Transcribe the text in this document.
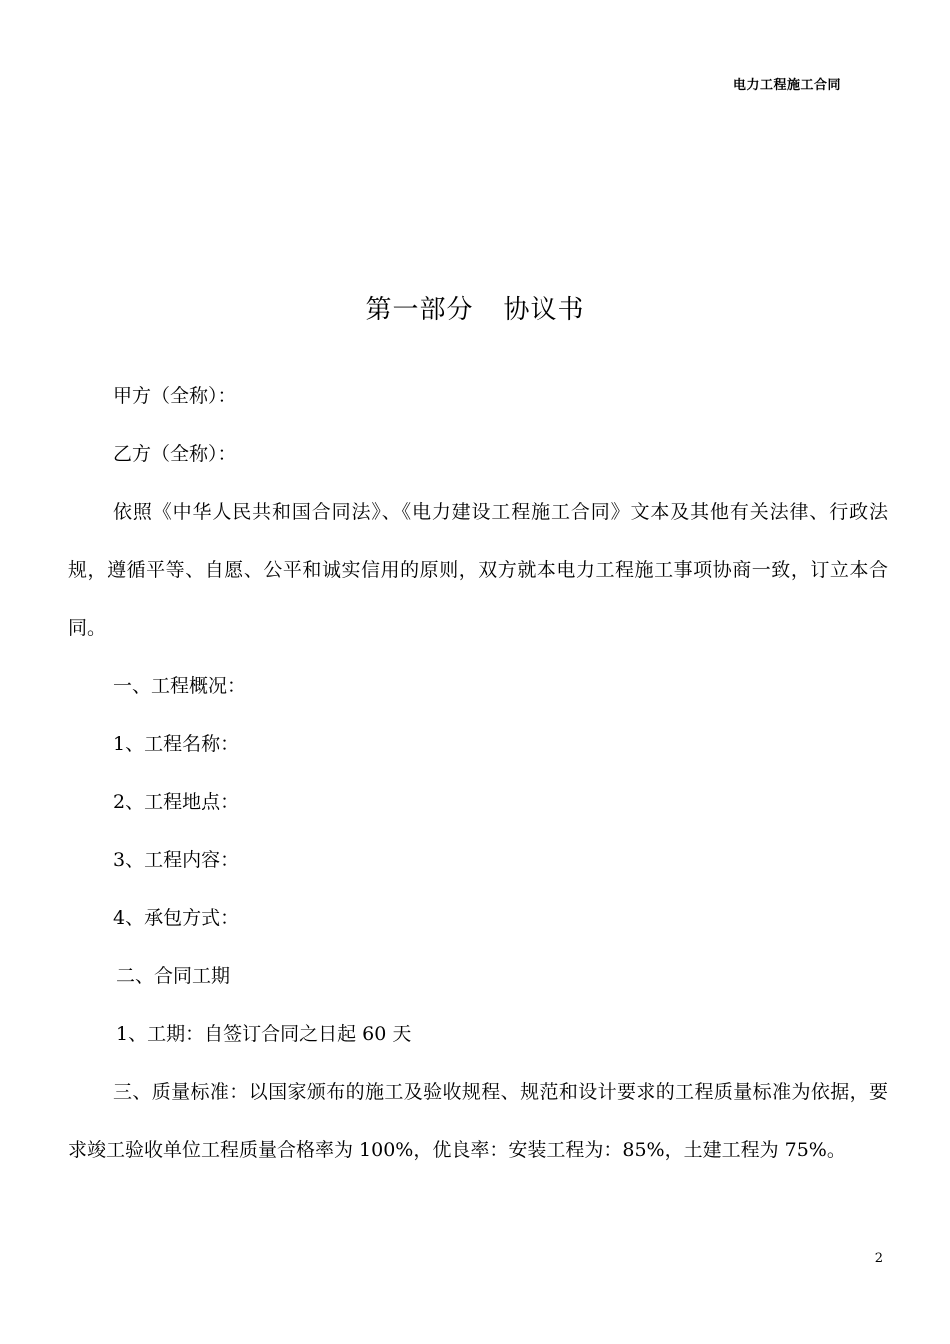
电力工程施工合同
第一部分 协议书

甲方（全称）：

乙方（全称）：

依照《中华人民共和国合同法》、《电力建设工程施工合同》文本及其他有关法律、行政法规，遵循平等、自愿、公平和诚实信用的原则，双方就本电力工程施工事项协商一致，订立本合同。

一、工程概况：

1、工程名称：

2、工程地点：

3、工程内容：

4、承包方式：

二、合同工期

1、工期：自签订合同之日起 60 天

三、质量标准：以国家颁布的施工及验收规程、规范和设计要求的工程质量标准为依据，要求竣工验收单位工程质量合格率为 100%，优良率：安装工程为：85%，土建工程为 75%。

2
